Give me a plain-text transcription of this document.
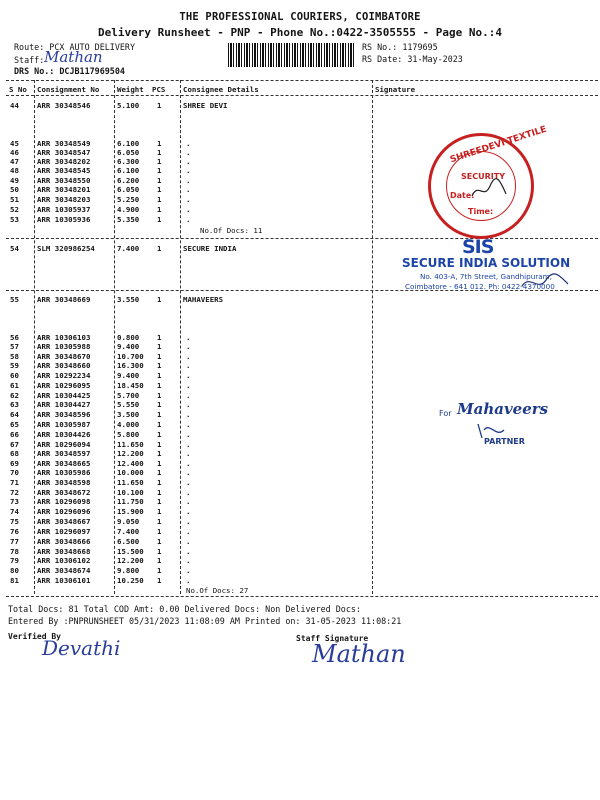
THE PROFESSIONAL COURIERS, COIMBATORE
Delivery Runsheet - PNP - Phone No.:0422-3505555 - Page No.:4
Route: PCX AUTO DELIVERY
Staff: Mathan
DRS No.: DCJB117969504
RS No.: 1179695
RS Date: 31-May-2023
S No Consignment No Weight PCS Consignee Details	Signature
SHREE DEVI
44 ARR 30348546	5.100 1
45 ARR 30348549	6.100 1	.
46 ARR 30348547	6.050 1	.
47 ARR 30348202	6.300 1	.
48 ARR 30348545	6.100 1	.
49 ARR 30348550	6.200 1	.
50 ARR 30348201	6.050 1	.
51 ARR 30348203	5.250 1	.
52 ARR 10305937	4.900 1	.
53 ARR 10305936	5.350 1	.
No.Of Docs: 11
SECURE INDIA
54 SLM 320986254	7.400 1
MAHAVEERS
55 ARR 30348669	3.550 1
56 ARR 10306103	0.800 1	.
57 ARR 10305988	9.400 1	.
58 ARR 30348670	10.700 1	.
59 ARR 30348660	16.300 1	.
60 ARR 10292234	9.400 1	.
61 ARR 10296095	18.450 1	.
62 ARR 10304425	5.700 1	.
63 ARR 10304427	5.550 1	.
64 ARR 30348596	3.500 1	.
65 ARR 10305987	4.000 1	.
66 ARR 10304426	5.800 1	.
67 ARR 10296094	11.650 1	.
68 ARR 30348597	12.200 1	.
69 ARR 30348665	12.400 1	.
70 ARR 10305986	10.000 1	.
71 ARR 30348598	11.650 1	.
72 ARR 30348672	10.100 1	.
73 ARR 10296098	11.750 1	.
74 ARR 10296096	15.900 1	.
75 ARR 30348667	9.050 1	.
76 ARR 10296097	7.400 1	.
77 ARR 30348666	6.500 1	.
78 ARR 30348668	15.500 1	.
79 ARR 10306102	12.200 1	.
80 ARR 30348674	9.800 1	.
81 ARR 10306101	10.250 1	.
No.Of Docs: 27
SHREEDEVI TEXTILE
SECURITY
Date:
Time:
SIS
SECURE INDIA SOLUTION
No. 403-A, 7th Street, Gandhipuram,
Coimbatore - 641 012. Ph: 0422-4370000
For Mahaveers
PARTNER
Total Docs: 81 Total COD Amt: 0.00 Delivered Docs: Non Delivered Docs:
Entered By :PNPRUNSHEET 05/31/2023 11:08:09 AM Printed on: 31-05-2023 11:08:21
Verified By
Devathi	Staff Signature
Mathan
